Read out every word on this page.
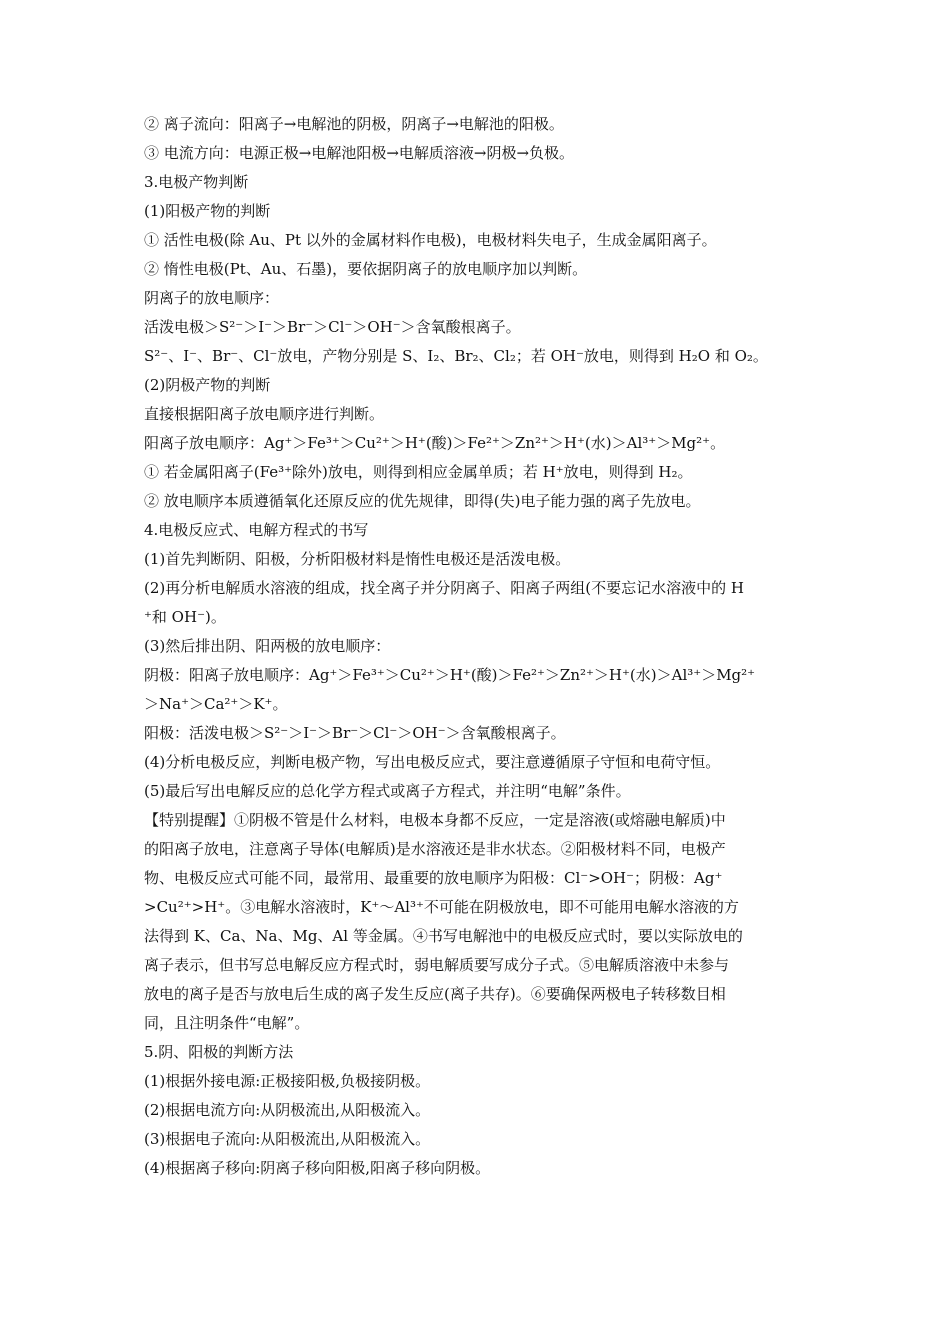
② 离子流向：阳离子→电解池的阴极，阴离子→电解池的阳极。
③ 电流方向：电源正极→电解池阳极→电解质溶液→阴极→负极。
3.电极产物判断
(1)阳极产物的判断
① 活性电极(除 Au、Pt 以外的金属材料作电极)，电极材料失电子，生成金属阳离子。
② 惰性电极(Pt、Au、石墨)，要依据阴离子的放电顺序加以判断。
阴离子的放电顺序：
活泼电极＞S²⁻＞I⁻＞Br⁻＞Cl⁻＞OH⁻＞含氧酸根离子。
S²⁻、I⁻、Br⁻、Cl⁻放电，产物分别是 S、I₂、Br₂、Cl₂；若 OH⁻放电，则得到 H₂O 和 O₂。
(2)阴极产物的判断
直接根据阳离子放电顺序进行判断。
阳离子放电顺序：Ag⁺＞Fe³⁺＞Cu²⁺＞H⁺(酸)＞Fe²⁺＞Zn²⁺＞H⁺(水)＞Al³⁺＞Mg²⁺。
① 若金属阳离子(Fe³⁺除外)放电，则得到相应金属单质；若 H⁺放电，则得到 H₂。
② 放电顺序本质遵循氧化还原反应的优先规律，即得(失)电子能力强的离子先放电。
4.电极反应式、电解方程式的书写
(1)首先判断阴、阳极，分析阳极材料是惰性电极还是活泼电极。
(2)再分析电解质水溶液的组成，找全离子并分阴离子、阳离子两组(不要忘记水溶液中的 H
⁺和 OH⁻)。
(3)然后排出阴、阳两极的放电顺序：
阴极：阳离子放电顺序：Ag⁺＞Fe³⁺＞Cu²⁺＞H⁺(酸)＞Fe²⁺＞Zn²⁺＞H⁺(水)＞Al³⁺＞Mg²⁺
＞Na⁺＞Ca²⁺＞K⁺。
阳极：活泼电极＞S²⁻＞I⁻＞Br⁻＞Cl⁻＞OH⁻＞含氧酸根离子。
(4)分析电极反应，判断电极产物，写出电极反应式，要注意遵循原子守恒和电荷守恒。
(5)最后写出电解反应的总化学方程式或离子方程式，并注明“电解”条件。
【特别提醒】①阴极不管是什么材料，电极本身都不反应，一定是溶液(或熔融电解质)中
的阳离子放电，注意离子导体(电解质)是水溶液还是非水状态。②阳极材料不同，电极产
物、电极反应式可能不同，最常用、最重要的放电顺序为阳极：Cl⁻>OH⁻；阴极：Ag⁺
>Cu²⁺>H⁺。③电解水溶液时，K⁺～Al³⁺不可能在阴极放电，即不可能用电解水溶液的方
法得到 K、Ca、Na、Mg、Al 等金属。④书写电解池中的电极反应式时，要以实际放电的
离子表示，但书写总电解反应方程式时，弱电解质要写成分子式。⑤电解质溶液中未参与
放电的离子是否与放电后生成的离子发生反应(离子共存)。⑥要确保两极电子转移数目相
同，且注明条件“电解”。
5.阴、阳极的判断方法
(1)根据外接电源:正极接阳极,负极接阴极。
(2)根据电流方向:从阴极流出,从阳极流入。
(3)根据电子流向:从阳极流出,从阳极流入。
(4)根据离子移向:阴离子移向阳极,阳离子移向阴极。
